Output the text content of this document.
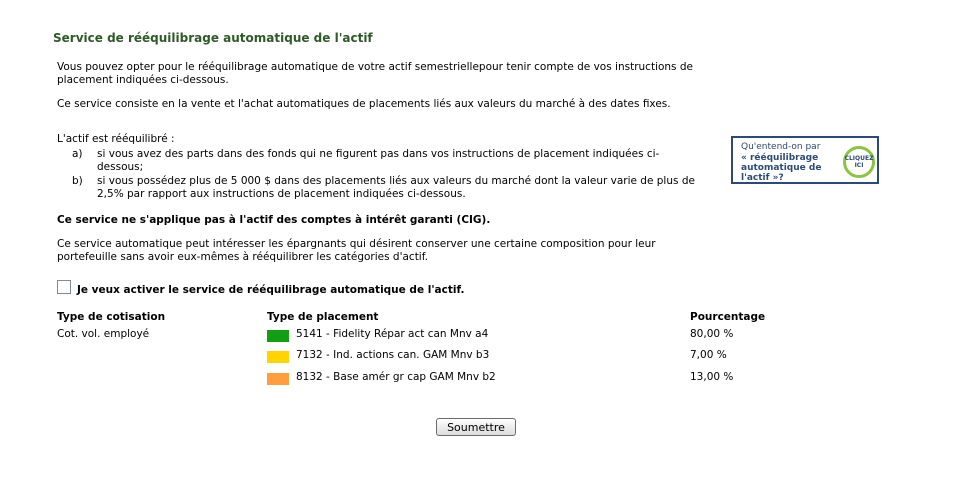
Service de rééquilibrage automatique de l'actif
Vous pouvez opter pour le rééquilibrage automatique de votre actif semestriellepour tenir compte de vos instructions de placement indiquées ci-dessous.
Ce service consiste en la vente et l'achat automatiques de placements liés aux valeurs du marché à des dates fixes.
L'actif est rééquilibré :
a)	si vous avez des parts dans des fonds qui ne figurent pas dans vos instructions de placement indiquées ci-dessous;
b)	si vous possédez plus de 5 000 $ dans des placements liés aux valeurs du marché dont la valeur varie de plus de 2,5% par rapport aux instructions de placement indiquées ci-dessous.
Ce service ne s'applique pas à l'actif des comptes à intérêt garanti (CIG).
Ce service automatique peut intéresser les épargnants qui désirent conserver une certaine composition pour leur portefeuille sans avoir eux-mêmes à rééquilibrer les catégories d'actif.
Qu'entend-on par
« rééquilibrage automatique de l'actif »?
CLIQUEZ ICI
Je veux activer le service de rééquilibrage automatique de l'actif.
Type de cotisation	Type de placement	Pourcentage
Cot. vol. employé	5141 - Fidelity Répar act can Mnv a4	80,00 %
7132 - Ind. actions can. GAM Mnv b3	7,00 %
8132 - Base amér gr cap GAM Mnv b2	13,00 %
Soumettre
